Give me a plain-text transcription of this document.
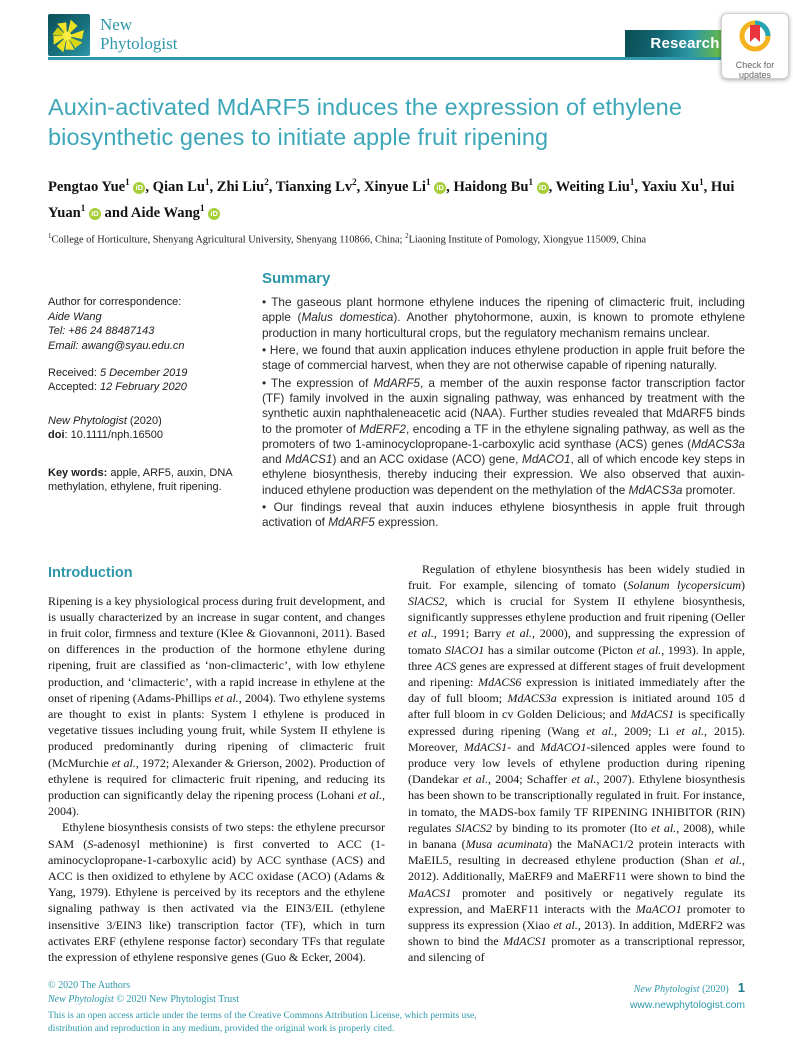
New
Phytologist	Research
Check for
updates
Auxin-activated MdARF5 induces the expression of ethylene biosynthetic genes to initiate apple fruit ripening

Pengtao Yue$^1$ iD , Qian Lu$^1$, Zhi Liu$^2$, Tianxing Lv$^2$, Xinyue Li$^1$ iD , Haidong Bu$^1$ iD , Weiting Liu$^1$, Yaxiu Xu$^1$, Hui Yuan$^1$ iD and Aide Wang$^1$ iD

$^1$College of Horticulture, Shenyang Agricultural University, Shenyang 110866, China; $^2$Liaoning Institute of Pomology, Xiongyue 115009, China

Author for correspondence:
Aide Wang
Tel: +86 24 88487143
Email: awang@syau.edu.cn
Received: 5 December 2019
Accepted: 12 February 2020
New Phytologist (2020)
doi: 10.1111/nph.16500
Key words: apple, ARF5, auxin, DNA methylation, ethylene, fruit ripening.
Summary

• The gaseous plant hormone ethylene induces the ripening of climacteric fruit, including apple (Malus domestica). Another phytohormone, auxin, is known to promote ethylene production in many horticultural crops, but the regulatory mechanism remains unclear.

• Here, we found that auxin application induces ethylene production in apple fruit before the stage of commercial harvest, when they are not otherwise capable of ripening naturally.

• The expression of MdARF5, a member of the auxin response factor transcription factor (TF) family involved in the auxin signaling pathway, was enhanced by treatment with the synthetic auxin naphthaleneacetic acid (NAA). Further studies revealed that MdARF5 binds to the promoter of MdERF2, encoding a TF in the ethylene signaling pathway, as well as the promoters of two 1-aminocyclopropane-1-carboxylic acid synthase (ACS) genes (MdACS3a and MdACS1) and an ACC oxidase (ACO) gene, MdACO1, all of which encode key steps in ethylene biosynthesis, thereby inducing their expression. We also observed that auxin-induced ethylene production was dependent on the methylation of the MdACS3a promoter.

• Our findings reveal that auxin induces ethylene biosynthesis in apple fruit through activation of MdARF5 expression.

Introduction

Ripening is a key physiological process during fruit development, and is usually characterized by an increase in sugar content, and changes in fruit color, firmness and texture (Klee & Giovannoni, 2011). Based on differences in the production of the hormone ethylene during ripening, fruit are classified as ‘non-climacteric’, with low ethylene production, and ‘climacteric’, with a rapid increase in ethylene at the onset of ripening (Adams-Phillips et al., 2004). Two ethylene systems are thought to exist in plants: System I ethylene is produced in vegetative tissues including young fruit, while System II ethylene is produced predominantly during ripening of climacteric fruit (McMurchie et al., 1972; Alexander & Grierson, 2002). Production of ethylene is required for climacteric fruit ripening, and reducing its production can significantly delay the ripening process (Lohani et al., 2004).

Ethylene biosynthesis consists of two steps: the ethylene precursor SAM (S-adenosyl methionine) is first converted to ACC (1-aminocyclopropane-1-carboxylic acid) by ACC synthase (ACS) and ACC is then oxidized to ethylene by ACC oxidase (ACO) (Adams & Yang, 1979). Ethylene is perceived by its receptors and the ethylene signaling pathway is then activated via the EIN3/EIL (ethylene insensitive 3/EIN3 like) transcription factor (TF), which in turn activates ERF (ethylene response factor) secondary TFs that regulate the expression of ethylene responsive genes (Guo & Ecker, 2004).

Regulation of ethylene biosynthesis has been widely studied in fruit. For example, silencing of tomato (Solanum lycopersicum) SlACS2, which is crucial for System II ethylene biosynthesis, significantly suppresses ethylene production and fruit ripening (Oeller et al., 1991; Barry et al., 2000), and suppressing the expression of tomato SlACO1 has a similar outcome (Picton et al., 1993). In apple, three ACS genes are expressed at different stages of fruit development and ripening: MdACS6 expression is initiated immediately after the day of full bloom; MdACS3a expression is initiated around 105 d after full bloom in cv Golden Delicious; and MdACS1 is specifically expressed during ripening (Wang et al., 2009; Li et al., 2015). Moreover, MdACS1- and MdACO1-silenced apples were found to produce very low levels of ethylene production during ripening (Dandekar et al., 2004; Schaffer et al., 2007). Ethylene biosynthesis has been shown to be transcriptionally regulated in fruit. For instance, in tomato, the MADS-box family TF RIPENING INHIBITOR (RIN) regulates SlACS2 by binding to its promoter (Ito et al., 2008), while in banana (Musa acuminata) the MaNAC1/2 protein interacts with MaEIL5, resulting in decreased ethylene production (Shan et al., 2012). Additionally, MaERF9 and MaERF11 were shown to bind the MaACS1 promoter and positively or negatively regulate its expression, and MaERF11 interacts with the MaACO1 promoter to suppress its expression (Xiao et al., 2013). In addition, MdERF2 was shown to bind the MdACS1 promoter as a transcriptional repressor, and silencing of

© 2020 The Authors
New Phytologist © 2020 New Phytologist Trust
This is an open access article under the terms of the Creative Commons Attribution License, which permits use,
distribution and reproduction in any medium, provided the original work is properly cited.
New Phytologist (2020) 1
www.newphytologist.com
